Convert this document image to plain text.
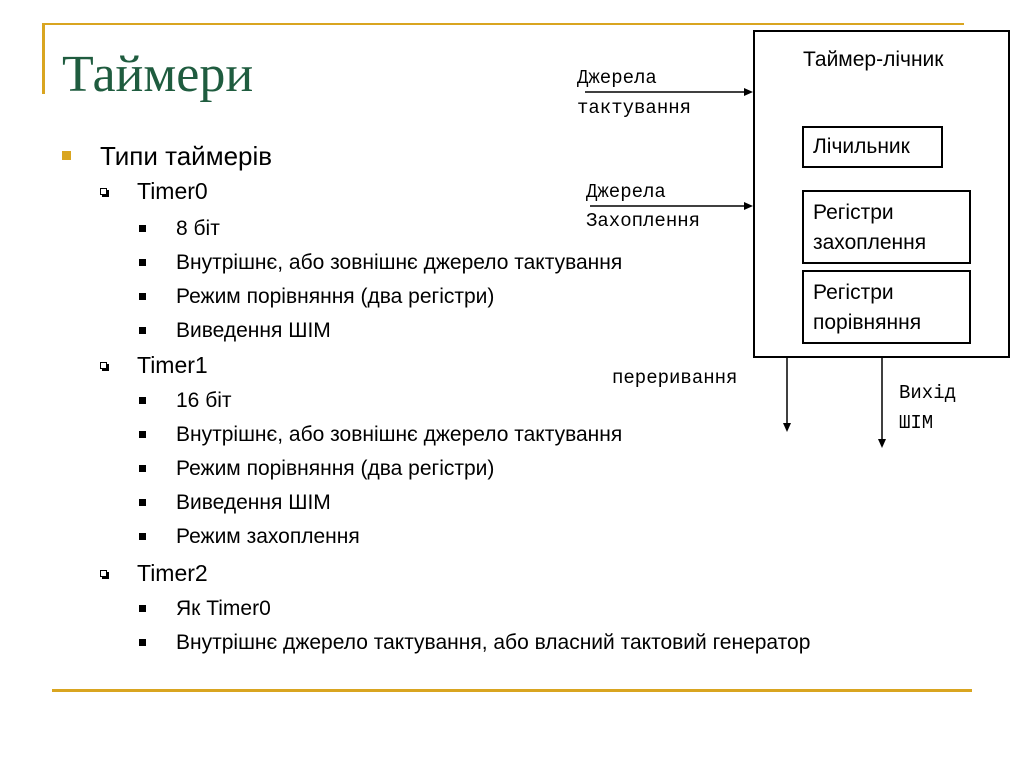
Таймери
Типи таймерів
Timer0
8 біт
Внутрішнє, або зовнішнє джерело тактування
Режим порівняння (два регістри)
Виведення ШІМ
Timer1
16 біт
Внутрішнє, або зовнішнє джерело тактування
Режим порівняння (два регістри)
Виведення ШІМ
Режим захоплення
Timer2
Як Timer0
Внутрішнє джерело тактування, або власний тактовий генератор
Таймер-лічник
Лічильник
Регістри
захоплення
Регістри
порівняння
Джерела
тактування
Джерела
Захоплення
переривання
Вихід
ШІМ
